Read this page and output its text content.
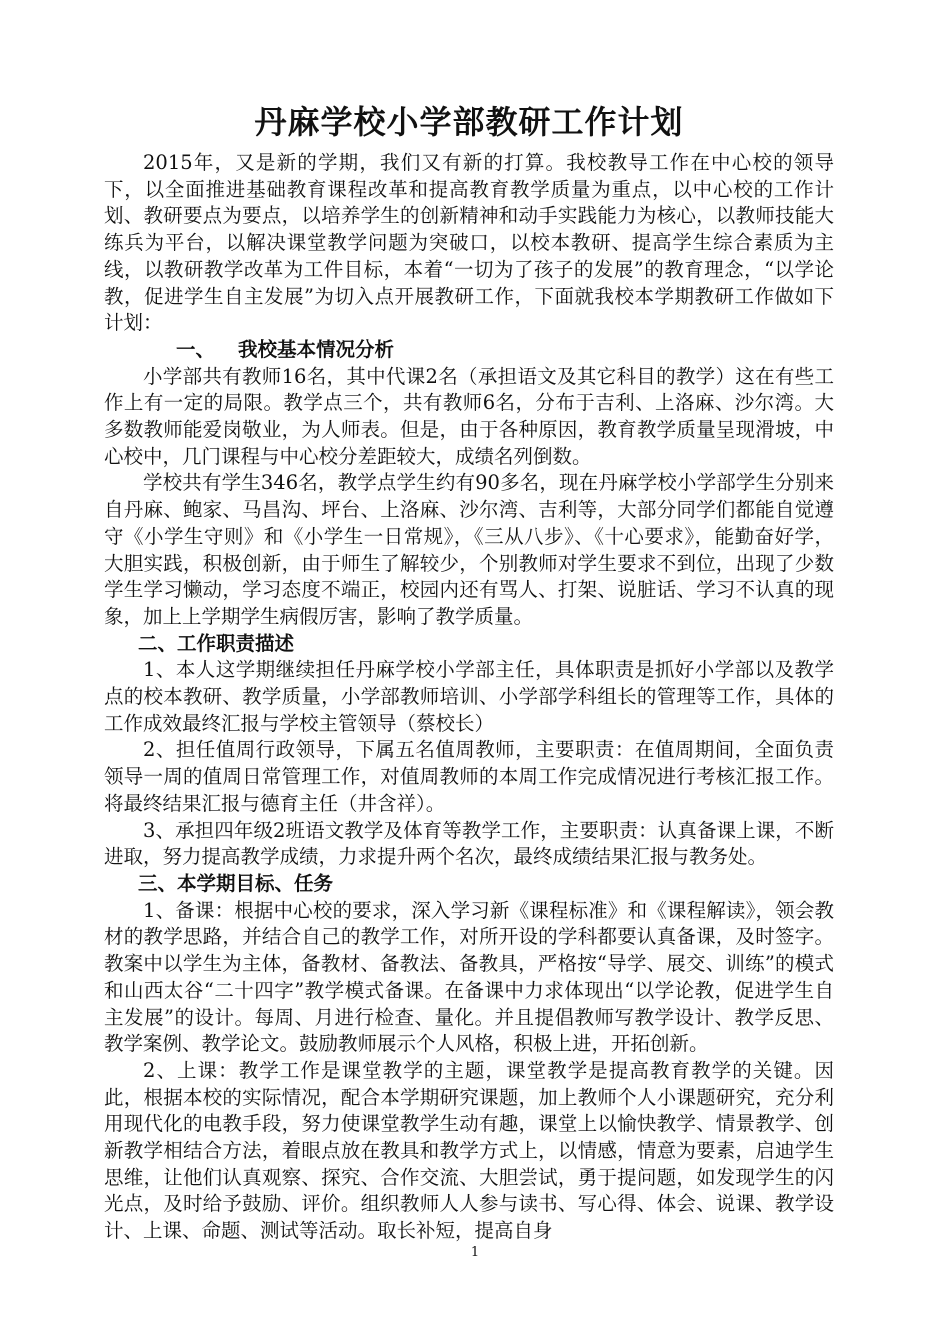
丹麻学校小学部教研工作计划

2015年，又是新的学期，我们又有新的打算。我校教导工作在中心校的领导下，以全面推进基础教育课程改革和提高教育教学质量为重点，以中心校的工作计划、教研要点为要点，以培养学生的创新精神和动手实践能力为核心，以教师技能大练兵为平台，以解决课堂教学问题为突破口，以校本教研、提高学生综合素质为主线，以教研教学改革为工件目标，本着“一切为了孩子的发展”的教育理念，“以学论教，促进学生自主发展”为切入点开展教研工作，下面就我校本学期教研工作做如下计划：

一、 我校基本情况分析

小学部共有教师16名，其中代课2名（承担语文及其它科目的教学）这在有些工作上有一定的局限。教学点三个，共有教师6名，分布于吉利、上洛麻、沙尔湾。大多数教师能爱岗敬业，为人师表。但是，由于各种原因，教育教学质量呈现滑坡，中心校中，几门课程与中心校分差距较大，成绩名列倒数。

学校共有学生346名，教学点学生约有90多名，现在丹麻学校小学部学生分别来自丹麻、鲍家、马昌沟、坪台、上洛麻、沙尔湾、吉利等，大部分同学们都能自觉遵守《小学生守则》和《小学生一日常规》，《三从八步》、《十心要求》，能勤奋好学，大胆实践，积极创新，由于师生了解较少，个别教师对学生要求不到位，出现了少数学生学习懒动，学习态度不端正，校园内还有骂人、打架、说脏话、学习不认真的现象，加上上学期学生病假厉害，影响了教学质量。

二、工作职责描述

1、本人这学期继续担任丹麻学校小学部主任，具体职责是抓好小学部以及教学点的校本教研、教学质量，小学部教师培训、小学部学科组长的管理等工作，具体的工作成效最终汇报与学校主管领导（蔡校长）

2、担任值周行政领导，下属五名值周教师，主要职责：在值周期间，全面负责领导一周的值周日常管理工作，对值周教师的本周工作完成情况进行考核汇报工作。将最终结果汇报与德育主任（井含祥）。

3、承担四年级2班语文教学及体育等教学工作，主要职责：认真备课上课，不断进取，努力提高教学成绩，力求提升两个名次，最终成绩结果汇报与教务处。

三、本学期目标、任务

1、备课：根据中心校的要求，深入学习新《课程标准》和《课程解读》，领会教材的教学思路，并结合自己的教学工作，对所开设的学科都要认真备课，及时签字。教案中以学生为主体，备教材、备教法、备教具，严格按“导学、展交、训练”的模式和山西太谷“二十四字”教学模式备课。在备课中力求体现出“以学论教，促进学生自主发展”的设计。每周、月进行检查、量化。并且提倡教师写教学设计、教学反思、教学案例、教学论文。鼓励教师展示个人风格，积极上进，开拓创新。

2、上课：教学工作是课堂教学的主题，课堂教学是提高教育教学的关键。因此，根据本校的实际情况，配合本学期研究课题，加上教师个人小课题研究，充分利用现代化的电教手段，努力使课堂教学生动有趣，课堂上以愉快教学、情景教学、创新教学相结合方法，着眼点放在教具和教学方式上，以情感，情意为要素，启迪学生思维，让他们认真观察、探究、合作交流、大胆尝试，勇于提问题，如发现学生的闪光点，及时给予鼓励、评价。组织教师人人参与读书、写心得、体会、说课、教学设计、上课、命题、测试等活动。取长补短，提高自身

1
